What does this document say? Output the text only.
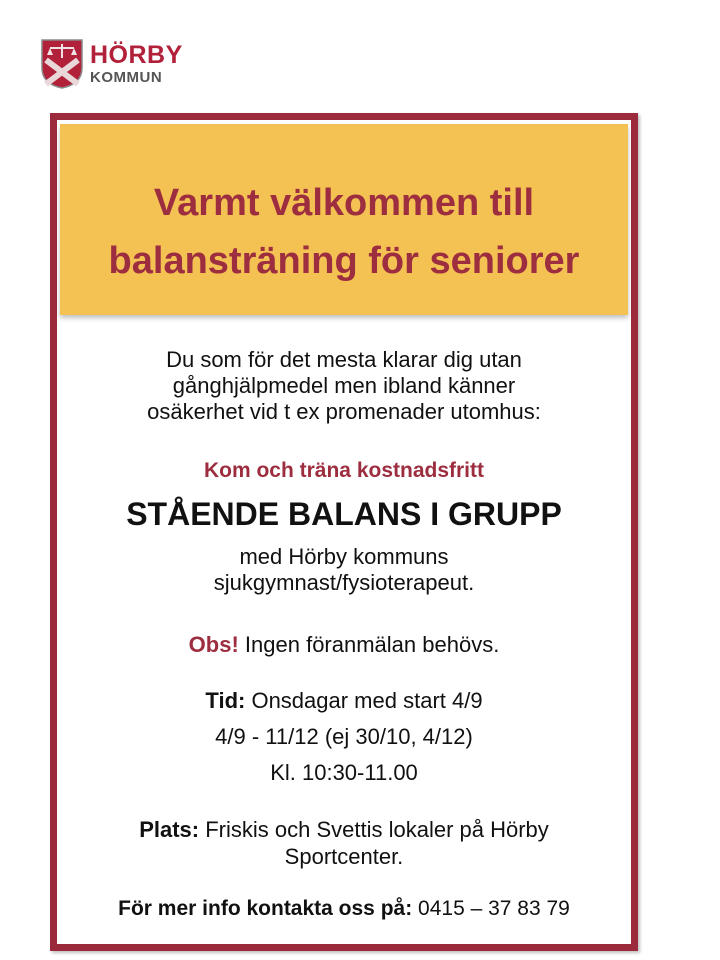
HÖRBY
KOMMUN
Varmt välkommen till
balansträning för seniorer
Du som för det mesta klarar dig utan
gånghjälpmedel men ibland känner
osäkerhet vid t ex promenader utomhus:
Kom och träna kostnadsfritt
STÅENDE BALANS I GRUPP
med Hörby kommuns
sjukgymnast/fysioterapeut.
Obs! Ingen föranmälan behövs.
Tid: Onsdagar med start 4/9
4/9 - 11/12 (ej 30/10, 4/12)
Kl. 10:30-11.00
Plats: Friskis och Svettis lokaler på Hörby
Sportcenter.
För mer info kontakta oss på: 0415 – 37 83 79
